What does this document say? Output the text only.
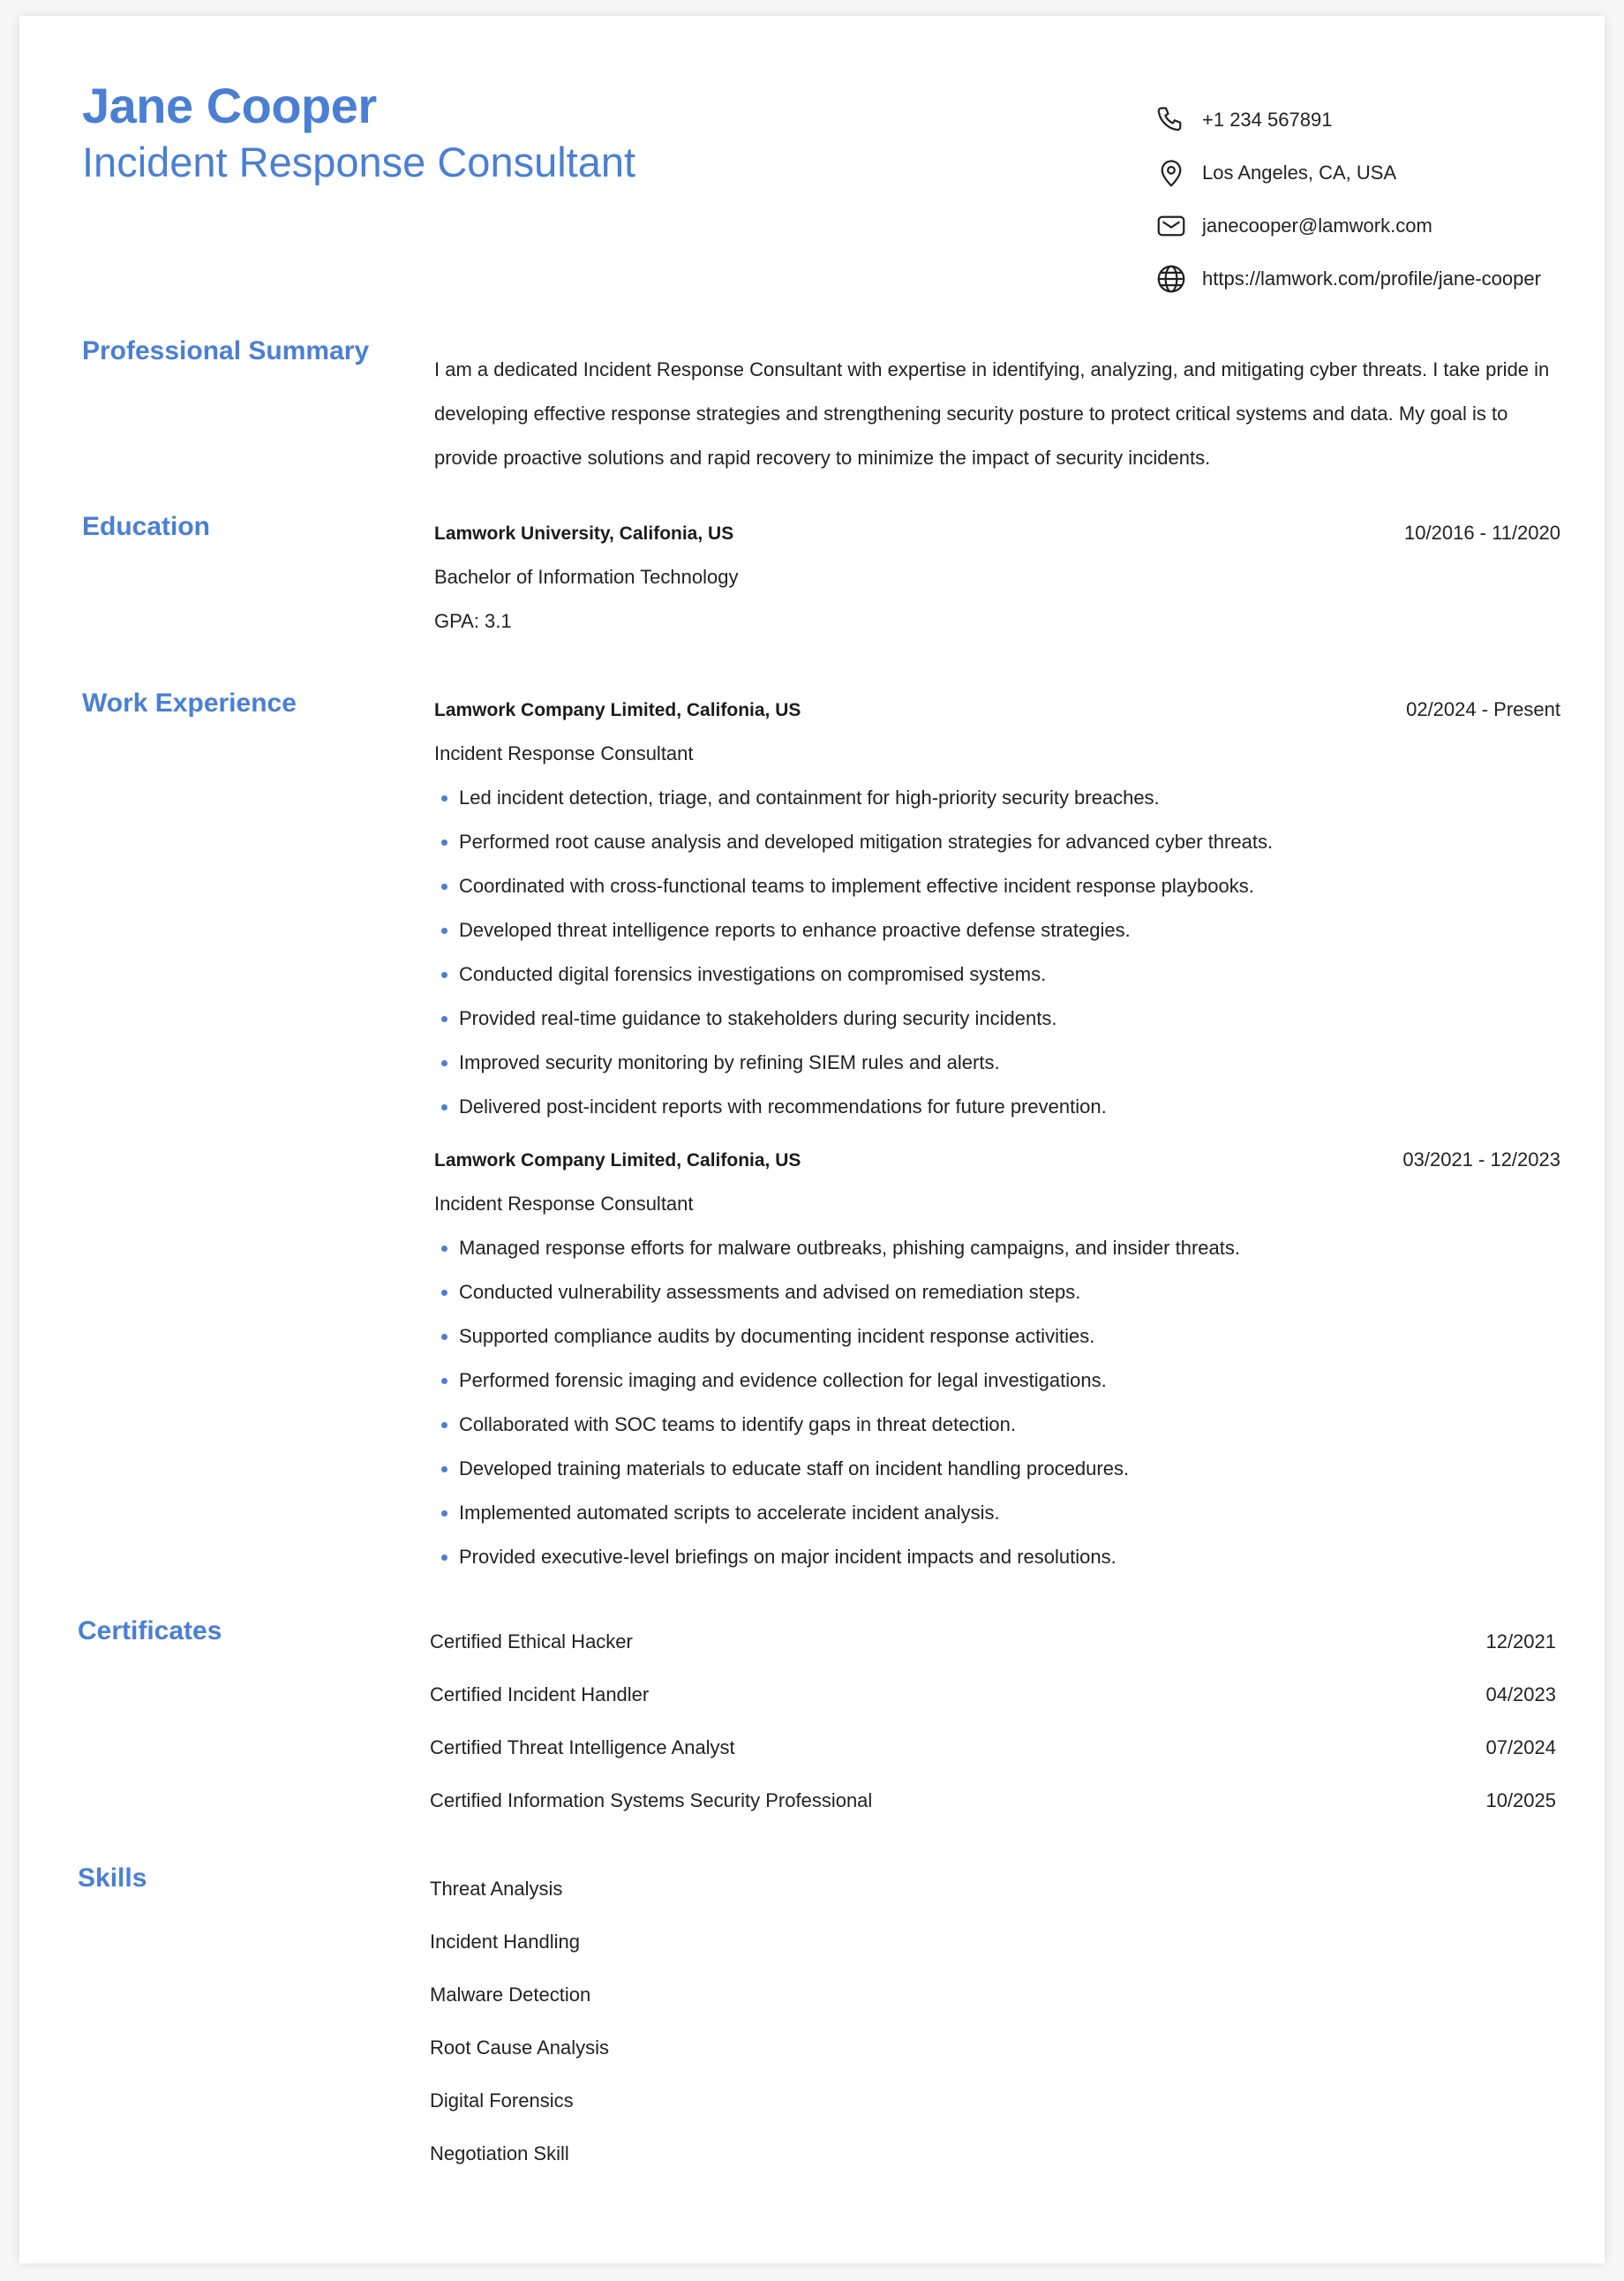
Jane Cooper
Incident Response Consultant
+1 234 567891
Los Angeles, CA, USA
janecooper@lamwork.com
https://lamwork.com/profile/jane-cooper
Professional Summary

I am a dedicated Incident Response Consultant with expertise in identifying, analyzing, and mitigating cyber threats. I take pride in developing effective response strategies and strengthening security posture to protect critical systems and data. My goal is to provide proactive solutions and rapid recovery to minimize the impact of security incidents.

Education	Lamwork University, Califonia, US	10/2016 - 11/2020
Bachelor of Information Technology
GPA: 3.1
Work Experience	Lamwork Company Limited, Califonia, US	02/2024 - Present
Incident Response Consultant
Led incident detection, triage, and containment for high-priority security breaches.
Performed root cause analysis and developed mitigation strategies for advanced cyber threats.
Coordinated with cross-functional teams to implement effective incident response playbooks.
Developed threat intelligence reports to enhance proactive defense strategies.
Conducted digital forensics investigations on compromised systems.
Provided real-time guidance to stakeholders during security incidents.
Improved security monitoring by refining SIEM rules and alerts.
Delivered post-incident reports with recommendations for future prevention.
Lamwork Company Limited, Califonia, US	03/2021 - 12/2023
Incident Response Consultant
Managed response efforts for malware outbreaks, phishing campaigns, and insider threats.
Conducted vulnerability assessments and advised on remediation steps.
Supported compliance audits by documenting incident response activities.
Performed forensic imaging and evidence collection for legal investigations.
Collaborated with SOC teams to identify gaps in threat detection.
Developed training materials to educate staff on incident handling procedures.
Implemented automated scripts to accelerate incident analysis.
Provided executive-level briefings on major incident impacts and resolutions.
Certificates	Certified Ethical Hacker	12/2021
Certified Incident Handler	04/2023
Certified Threat Intelligence Analyst	07/2024
Certified Information Systems Security Professional	10/2025
Skills	Threat Analysis
Incident Handling
Malware Detection
Root Cause Analysis
Digital Forensics
Negotiation Skill
